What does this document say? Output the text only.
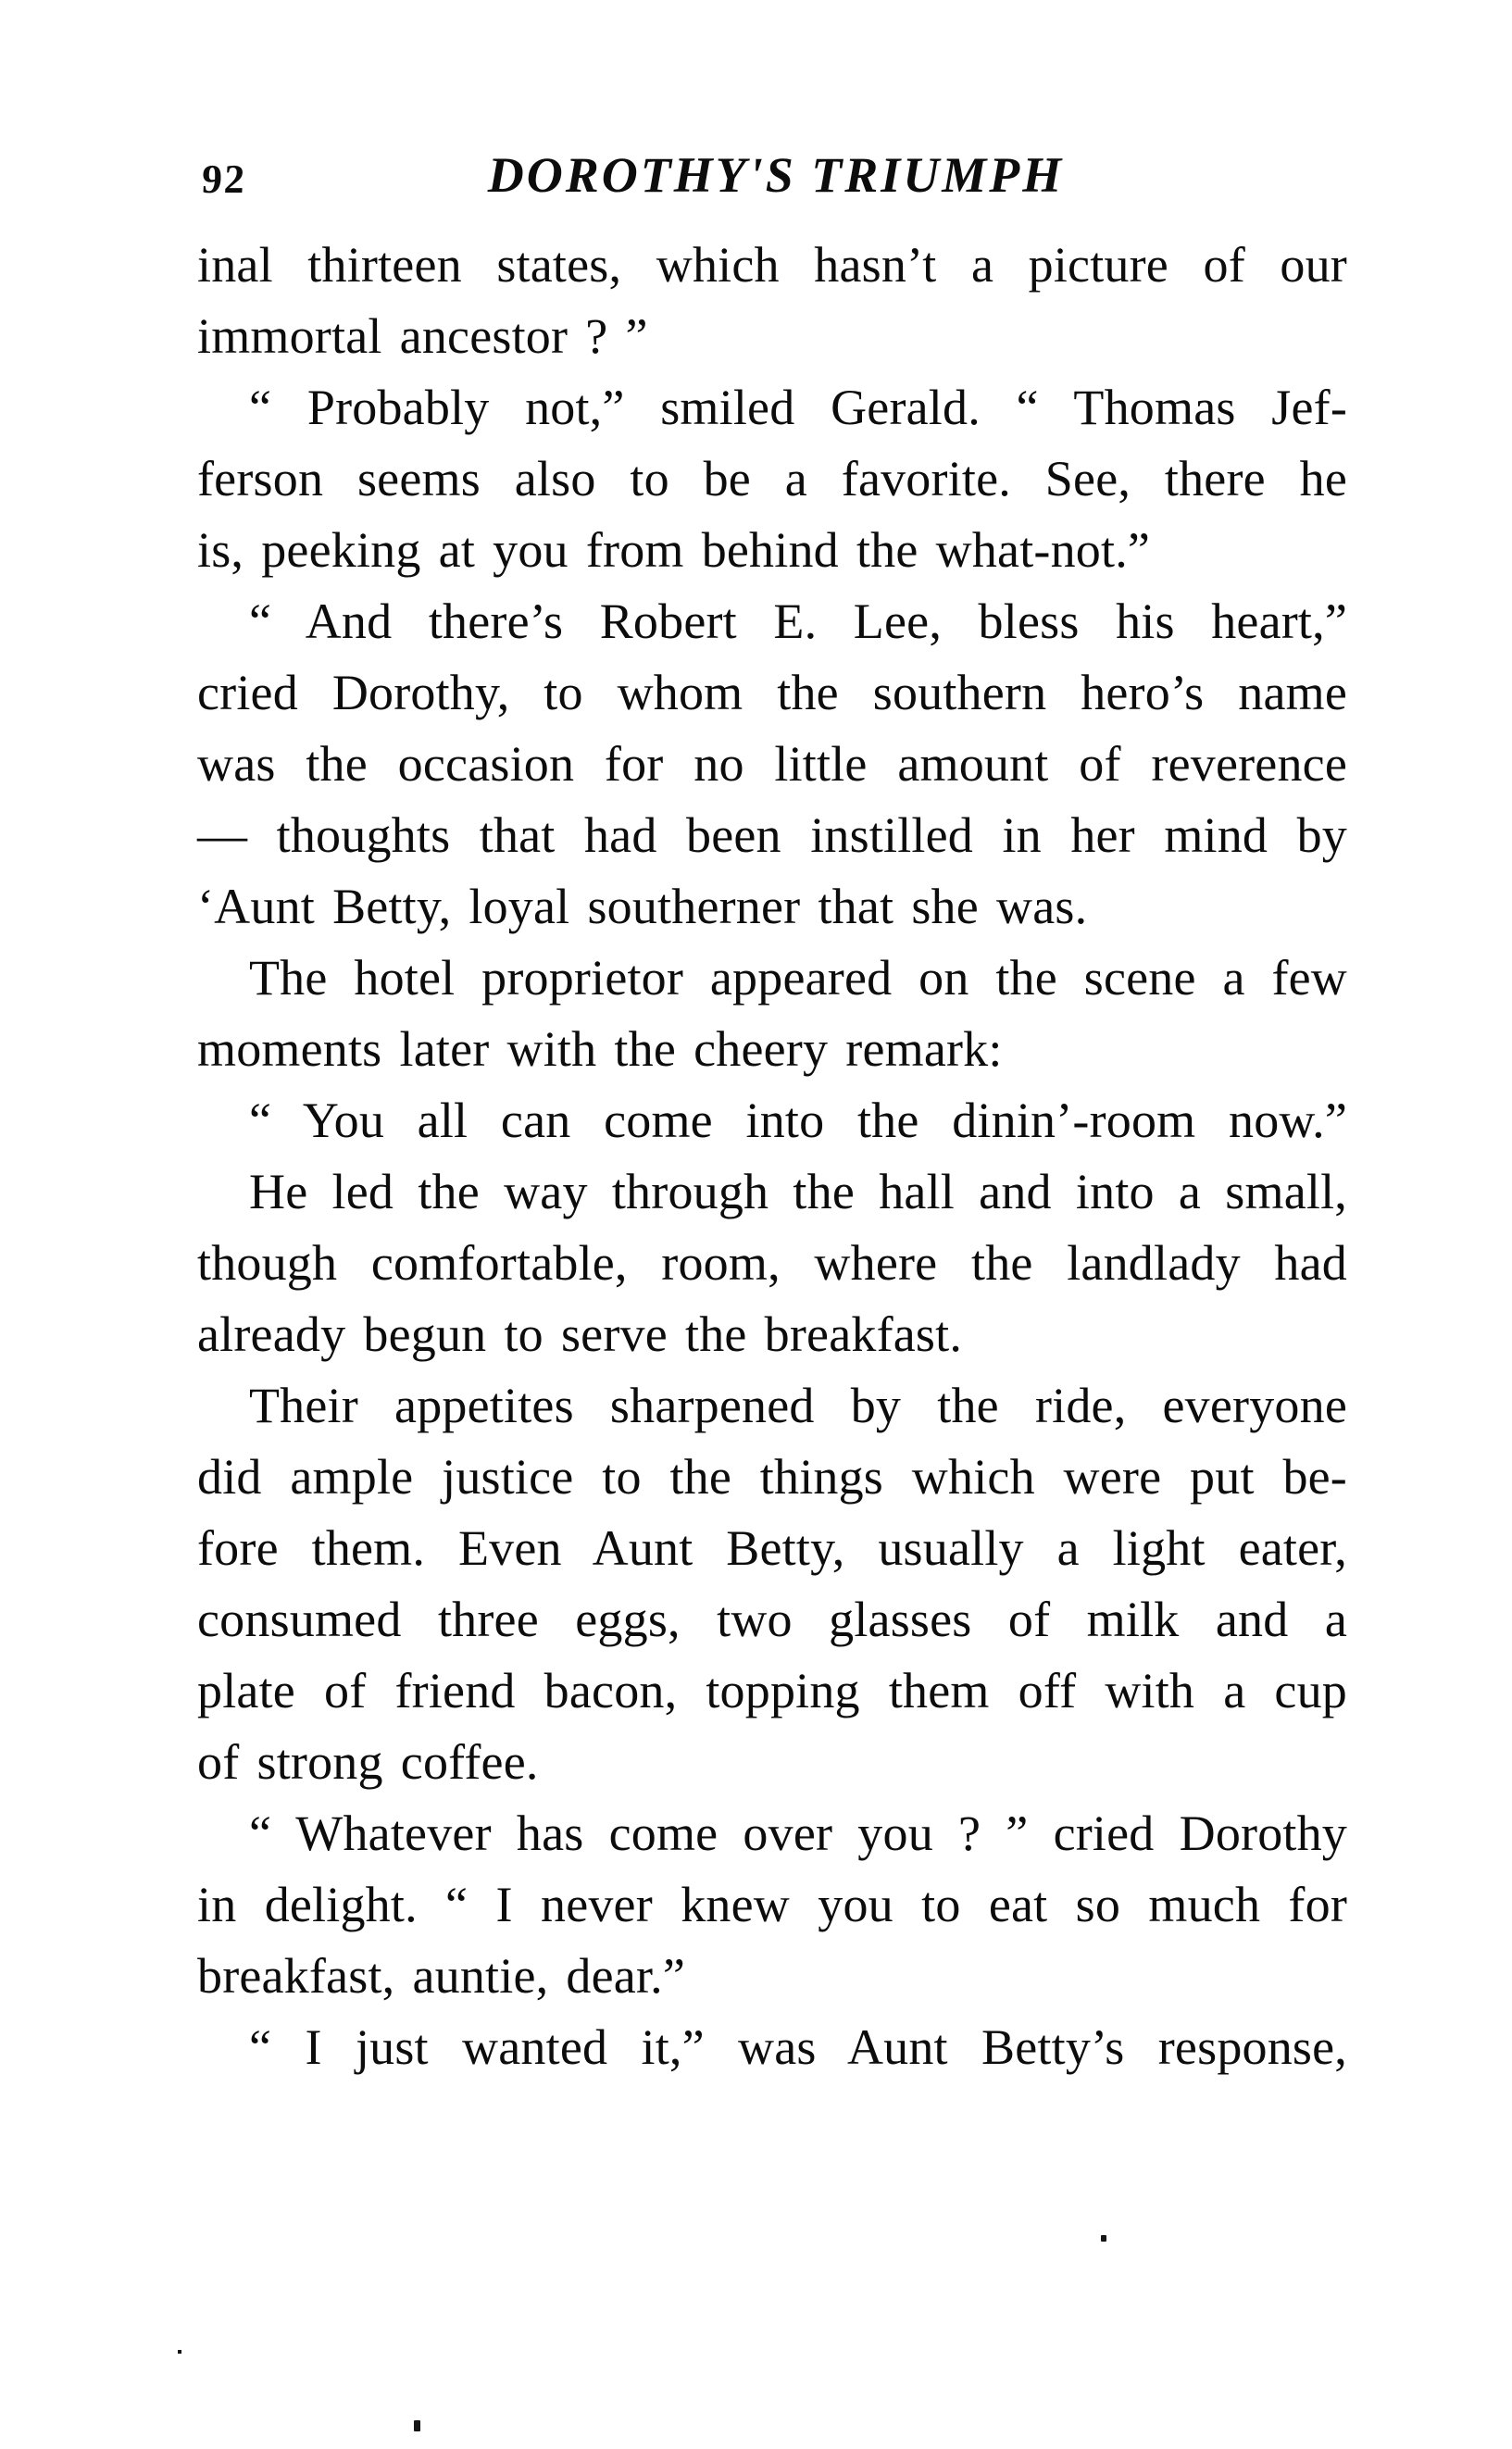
92	DOROTHY'S TRIUMPH
inal thirteen states, which hasn’t a picture of our
immortal ancestor ? ”
“ Probably not,” smiled Gerald. “ Thomas Jef-
ferson seems also to be a favorite. See, there he
is, peeking at you from behind the what-not.”
“ And there’s Robert E. Lee, bless his heart,”
cried Dorothy, to whom the southern hero’s name
was the occasion for no little amount of reverence
— thoughts that had been instilled in her mind by
‘Aunt Betty, loyal southerner that she was.
The hotel proprietor appeared on the scene a few
moments later with the cheery remark:
“ You all can come into the dinin’-room now.”
He led the way through the hall and into a small,
though comfortable, room, where the landlady had
already begun to serve the breakfast.
Their appetites sharpened by the ride, everyone
did ample justice to the things which were put be-
fore them. Even Aunt Betty, usually a light eater,
consumed three eggs, two glasses of milk and a
plate of friend bacon, topping them off with a cup
of strong coffee.
“ Whatever has come over you ? ” cried Dorothy
in delight. “ I never knew you to eat so much for
breakfast, auntie, dear.”
“ I just wanted it,” was Aunt Betty’s response,
